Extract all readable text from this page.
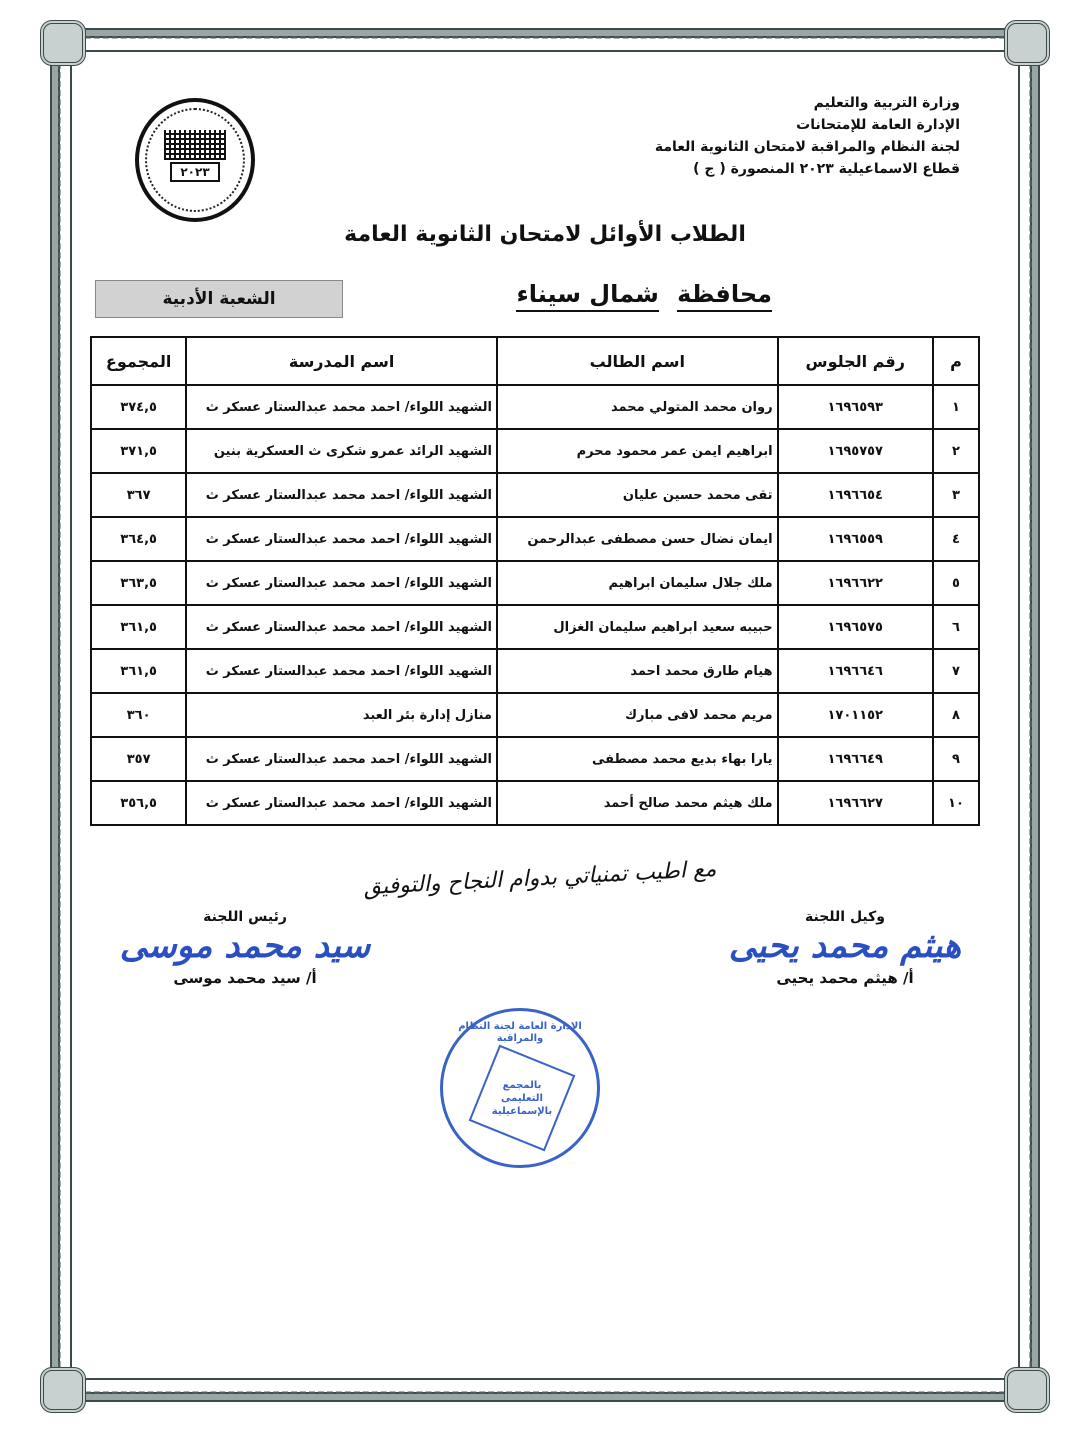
وزارة التربية والتعليم
الإدارة العامة للإمتحانات
لجنة النظام والمراقبة لامتحان الثانوية العامة
قطاع الاسماعيلية ٢٠٢٣ المنصورة ( ج )
٢٠٢٣
الطلاب الأوائل لامتحان الثانوية العامة
محافظة شمال سيناء
الشعبة الأدبية
م	رقم الجلوس	اسم الطالب	اسم المدرسة	المجموع
١	١٦٩٦٥٩٣	روان محمد المتولي محمد	الشهيد اللواء/ احمد محمد عبدالستار عسكر ث	٣٧٤,٥
٢	١٦٩٥٧٥٧	ابراهيم ايمن عمر محمود محرم	الشهيد الرائد عمرو شكرى ث العسكرية بنين	٣٧١,٥
٣	١٦٩٦٦٥٤	تقى محمد حسين عليان	الشهيد اللواء/ احمد محمد عبدالستار عسكر ث	٣٦٧
٤	١٦٩٦٥٥٩	ايمان نضال حسن مصطفى عبدالرحمن	الشهيد اللواء/ احمد محمد عبدالستار عسكر ث	٣٦٤,٥
٥	١٦٩٦٦٢٢	ملك جلال سليمان ابراهيم	الشهيد اللواء/ احمد محمد عبدالستار عسكر ث	٣٦٣,٥
٦	١٦٩٦٥٧٥	حبيبه سعيد ابراهيم سليمان الغزال	الشهيد اللواء/ احمد محمد عبدالستار عسكر ث	٣٦١,٥
٧	١٦٩٦٦٤٦	هيام طارق محمد احمد	الشهيد اللواء/ احمد محمد عبدالستار عسكر ث	٣٦١,٥
٨	١٧٠١١٥٢	مريم محمد لافى مبارك	منازل إدارة بئر العبد	٣٦٠
٩	١٦٩٦٦٤٩	يارا بهاء بديع محمد مصطفى	الشهيد اللواء/ احمد محمد عبدالستار عسكر ث	٣٥٧
١٠	١٦٩٦٦٢٧	ملك هيثم محمد صالح أحمد	الشهيد اللواء/ احمد محمد عبدالستار عسكر ث	٣٥٦,٥
مع اطيب تمنياتي بدوام النجاح والتوفيق
رئيس اللجنة
سيد محمد موسى
أ/ سيد محمد موسى
وكيل اللجنة
هيثم محمد يحيى
أ/ هيثم محمد يحيى
الإدارة العامة لجنة النظام والمراقبة
بالمجمع
التعليمى
بالإسماعيلية
